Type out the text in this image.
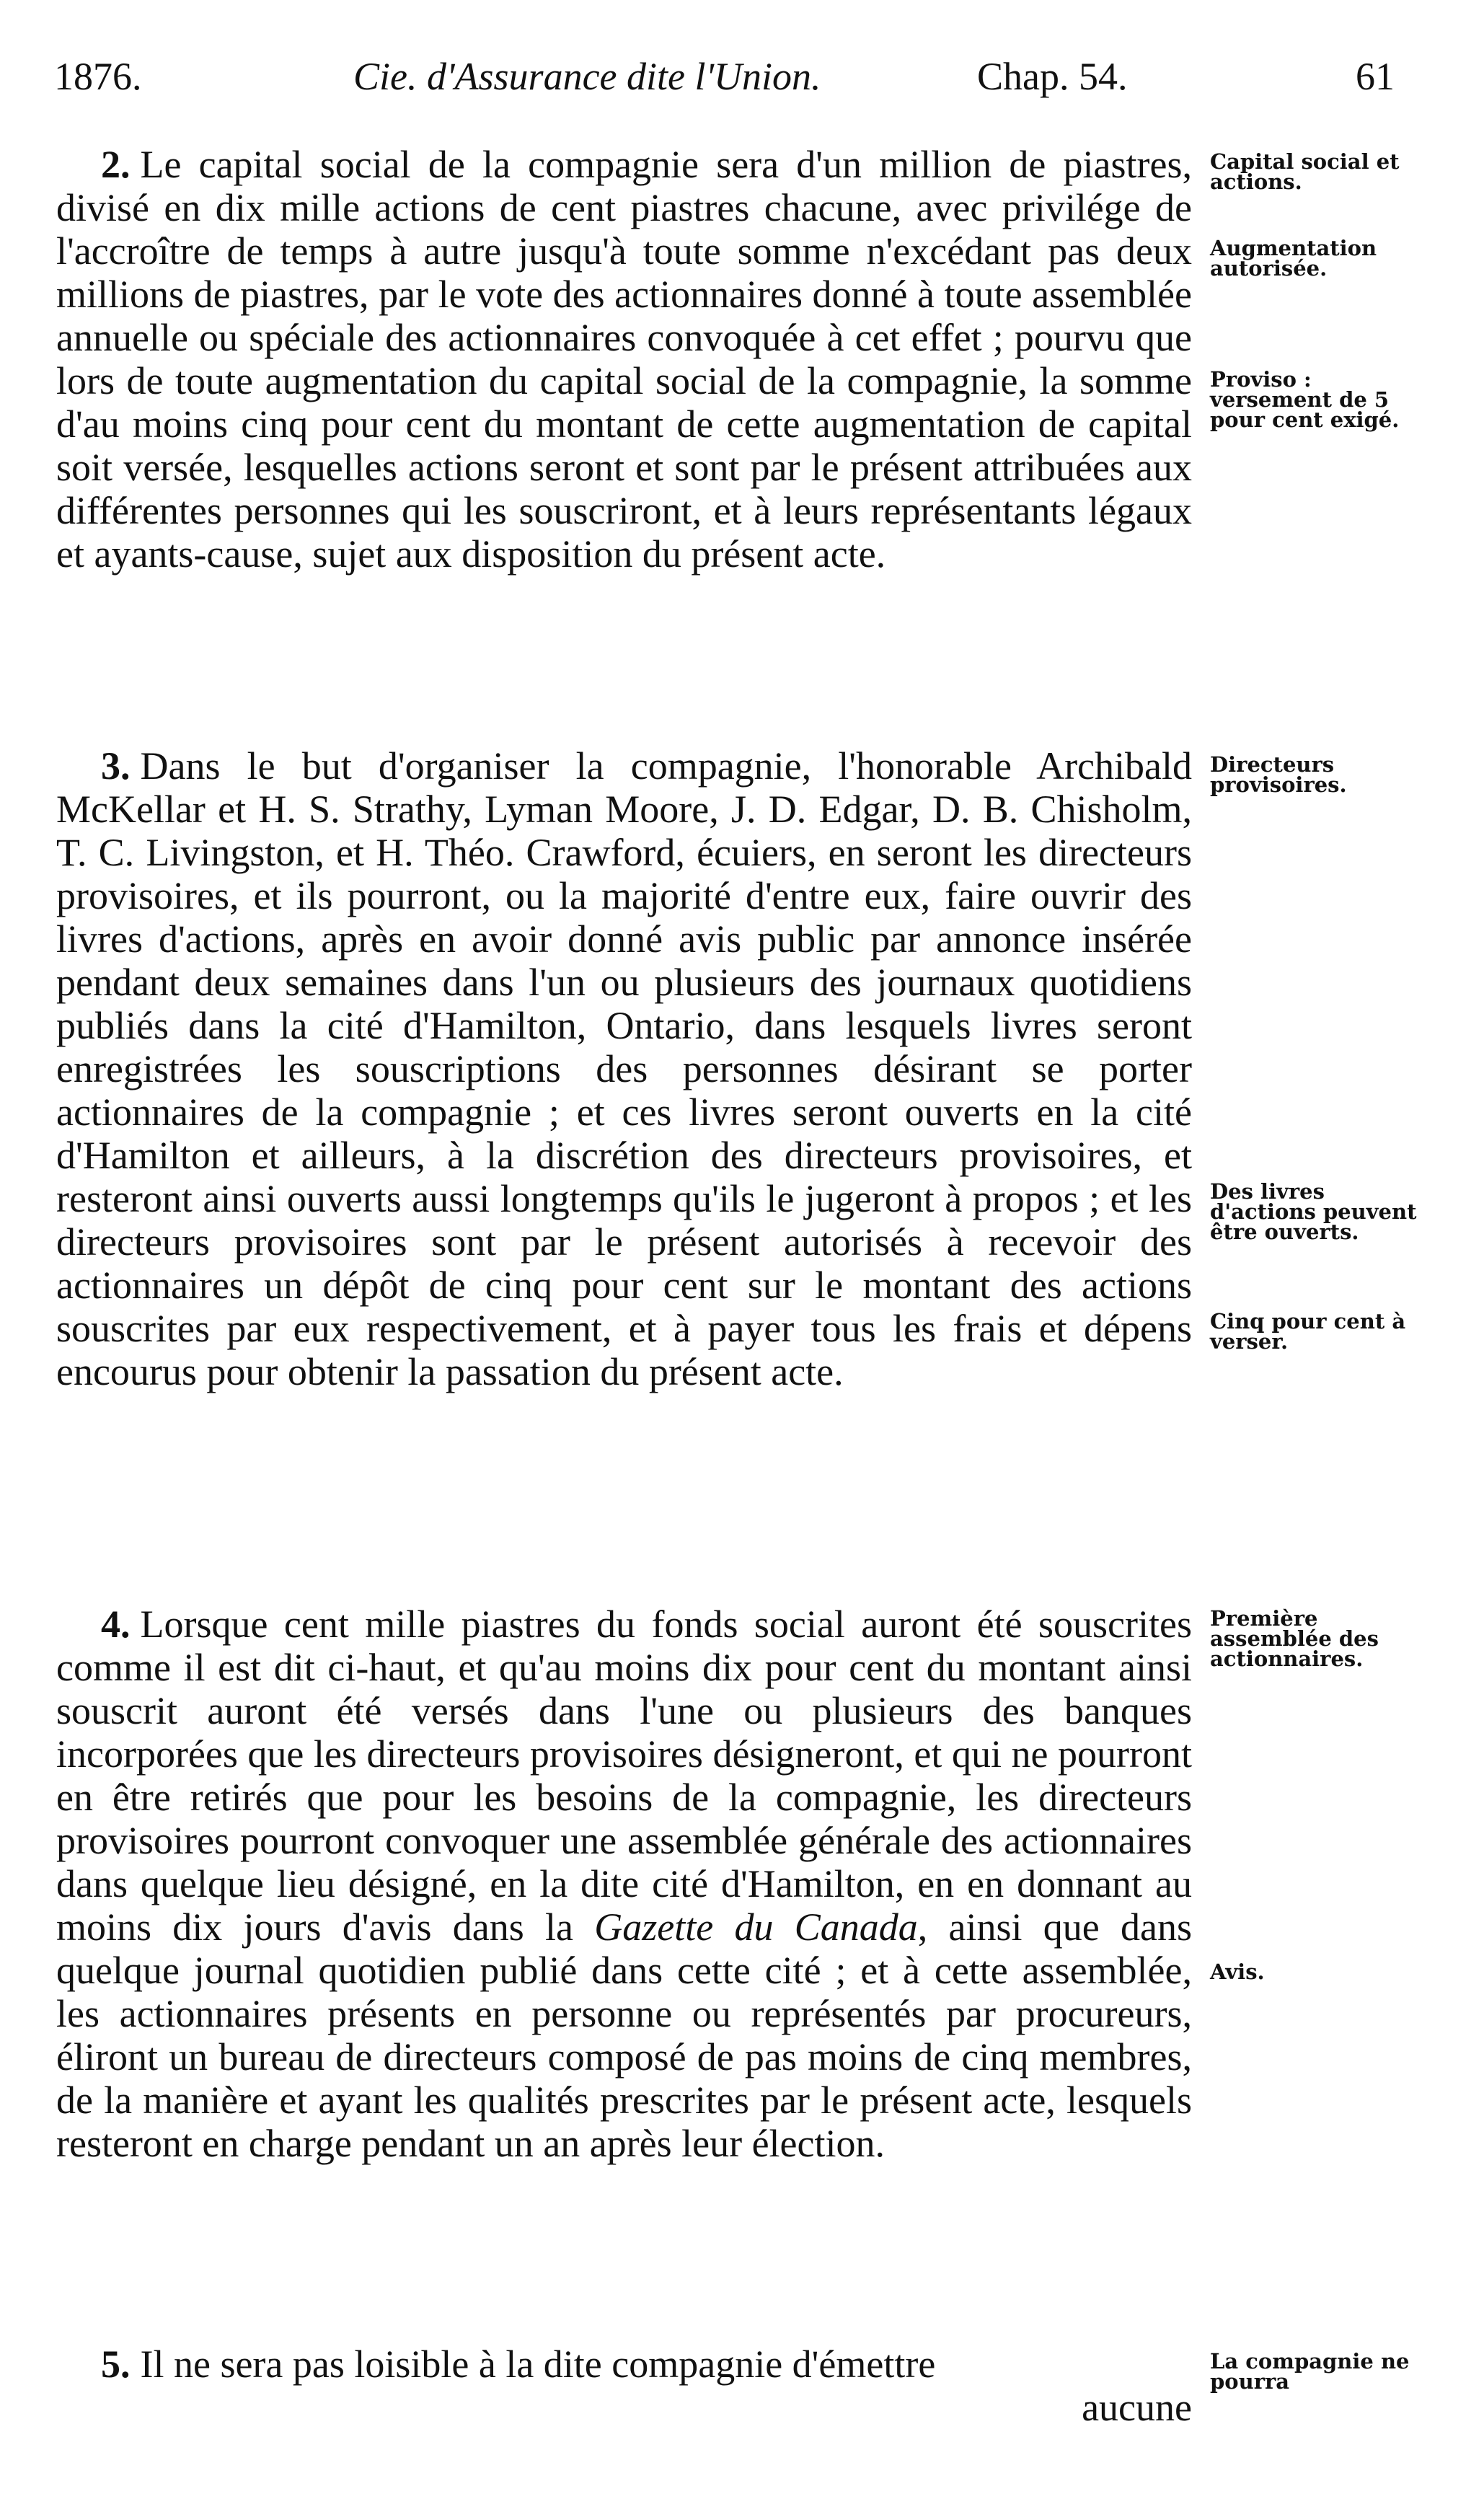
1876.	Cie. d'Assurance dite l'Union.	Chap. 54.	61
2. Le capital social de la compagnie sera d'un million de piastres, divisé en dix mille actions de cent piastres chacune, avec privilége de l'accroître de temps à autre jusqu'à toute somme n'excédant pas deux millions de piastres, par le vote des actionnaires donné à toute assemblée annuelle ou spéciale des actionnaires convoquée à cet effet ; pourvu que lors de toute augmentation du capital social de la compagnie, la somme d'au moins cinq pour cent du montant de cette augmentation de capital soit versée, lesquelles actions seront et sont par le présent attribuées aux différentes personnes qui les souscriront, et à leurs représentants légaux et ayants-cause, sujet aux disposition du présent acte.
3. Dans le but d'organiser la compagnie, l'honorable Archibald McKellar et H. S. Strathy, Lyman Moore, J. D. Edgar, D. B. Chisholm, T. C. Livingston, et H. Théo. Crawford, écuiers, en seront les directeurs provisoires, et ils pourront, ou la majorité d'entre eux, faire ouvrir des livres d'actions, après en avoir donné avis public par annonce insérée pendant deux semaines dans l'un ou plusieurs des journaux quotidiens publiés dans la cité d'Hamilton, Ontario, dans lesquels livres seront enregistrées les souscriptions des personnes désirant se porter actionnaires de la compagnie ; et ces livres seront ouverts en la cité d'Hamilton et ailleurs, à la discrétion des directeurs provisoires, et resteront ainsi ouverts aussi longtemps qu'ils le jugeront à propos ; et les directeurs provisoires sont par le présent autorisés à recevoir des actionnaires un dépôt de cinq pour cent sur le montant des actions souscrites par eux respectivement, et à payer tous les frais et dépens encourus pour obtenir la passation du présent acte.
4. Lorsque cent mille piastres du fonds social auront été souscrites comme il est dit ci-haut, et qu'au moins dix pour cent du montant ainsi souscrit auront été versés dans l'une ou plusieurs des banques incorporées que les directeurs provisoires désigneront, et qui ne pourront en être retirés que pour les besoins de la compagnie, les directeurs provisoires pourront convoquer une assemblée générale des actionnaires dans quelque lieu désigné, en la dite cité d'Hamilton, en en donnant au moins dix jours d'avis dans la Gazette du Canada, ainsi que dans quelque journal quotidien publié dans cette cité ; et à cette assemblée, les actionnaires présents en personne ou représentés par procureurs, éliront un bureau de directeurs composé de pas moins de cinq membres, de la manière et ayant les qualités prescrites par le présent acte, lesquels resteront en charge pendant un an après leur élection.
5. Il ne sera pas loisible à la dite compagnie d'émettre
aucune
Capital social et actions.
Augmentation autorisée.
Proviso : versement de 5 pour cent exigé.
Directeurs provisoires.
Des livres d'actions peuvent être ouverts.
Cinq pour cent à verser.
Première assemblée des actionnaires.
Avis.
La compagnie ne pourra
